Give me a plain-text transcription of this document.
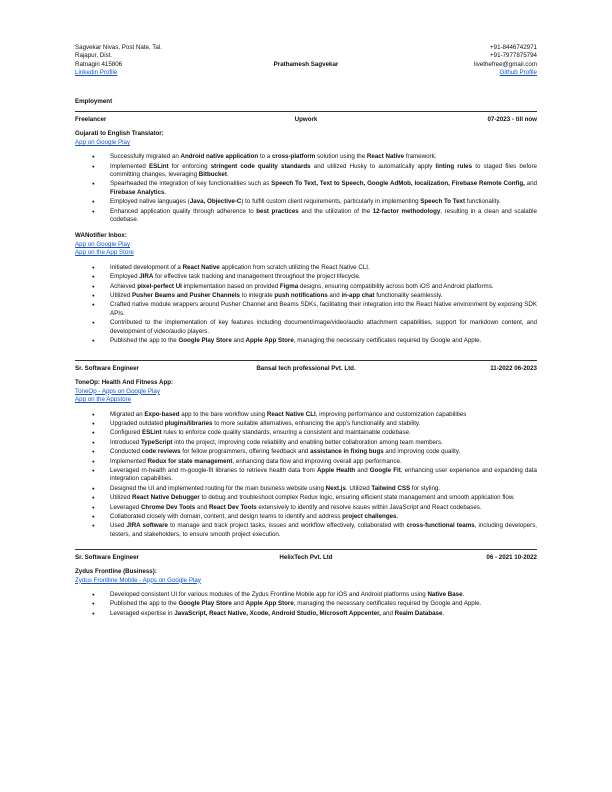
Sagvekar Nivas, Post Nate, Tal.
Rajapur, Dist.
Ratnagiri 415806
Linkedin Profile
Prathamesh Sagvekar
+91-8446742971
+91-7977875794
livethefree@gmail.com
Github Profile
Employment
Freelancer	Upwork	07-2023 - till now
Gujarati to English Translator:
App on Google Play
● Successfully migrated an Android native application to a cross-platform solution using the React Native framework.
● Implemented ESLint for enforcing stringent code quality standards and utilized Husky to automatically apply linting rules to staged files before committing changes, leveraging Bitbucket.
● Spearheaded the integration of key functionalities such as Speech To Text, Text to Speech, Google AdMob, localization, Firebase Remote Config, and Firebase Analytics.
● Employed native languages (Java, Objective-C) to fulfill custom client requirements, particularly in implementing Speech To Text functionality.
● Enhanced application quality through adherence to best practices and the utilization of the 12-factor methodology, resulting in a clean and scalable codebase.
WANotifier Inbox:
App on Google Play
App on the App Store
● Initiated development of a React Native application from scratch utilizing the React Native CLI.
● Employed JIRA for effective task tracking and management throughout the project lifecycle.
● Achieved pixel-perfect UI implementation based on provided Figma designs, ensuring compatibility across both iOS and Android platforms.
● Utilized Pusher Beams and Pusher Channels to integrate push notifications and in-app chat functionality seamlessly.
● Crafted native module wrappers around Pusher Channel and Beams SDKs, facilitating their integration into the React Native environment by exposing SDK APIs.
● Contributed to the implementation of key features including document/image/video/audio attachment capabilities, support for markdown content, and development of video/audio players.
● Published the app to the Google Play Store and Apple App Store, managing the necessary certificates required by Google and Apple.
Sr. Software Engineer	Bansal tech professional Pvt. Ltd.	11-2022 06-2023
ToneOp: Health And Fitness App:
ToneOp - Apps on Google Play
App on the Appstore
● Migrated an Expo-based app to the bare workflow using React Native CLI, improving performance and customization capabilities
● Upgraded outdated plugins/libraries to more suitable alternatives, enhancing the app's functionality and stability.
● Configured ESLint rules to enforce code quality standards, ensuring a consistent and maintainable codebase.
● Introduced TypeScript into the project, improving code reliability and enabling better collaboration among team members.
● Conducted code reviews for fellow programmers, offering feedback and assistance in fixing bugs and improving code quality.
● Implemented Redux for state management, enhancing data flow and improving overall app performance.
● Leveraged rn-health and rn-google-fit libraries to retrieve health data from Apple Health and Google Fit, enhancing user experience and expanding data integration capabilities.
● Designed the UI and implemented routing for the main business website using Next.js. Utilized Tailwind CSS for styling.
● Utilized React Native Debugger to debug and troubleshoot complex Redux logic, ensuring efficient state management and smooth application flow.
● Leveraged Chrome Dev Tools and React Dev Tools extensively to identify and resolve issues within JavaScript and React codebases.
● Collaborated closely with domain, content, and design teams to identify and address project challenges.
● Used JIRA software to manage and track project tasks, issues and workflow effectively, collaborated with cross-functional teams, including developers, testers, and stakeholders, to ensure smooth project execution.
Sr. Software Engineer	HelixTech Pvt. Ltd	06 - 2021 10-2022
Zydus Frontline (Business):
Zydus Frontline Mobile - Apps on Google Play
● Developed consistent UI for various modules of the Zydus Frontline Mobile app for iOS and Android platforms using Native Base.
● Published the app to the Google Play Store and Apple App Store, managing the necessary certificates required by Google and Apple.
● Leveraged expertise in JavaScript, React Native, Xcode, Android Studio, Microsoft Appcenter, and Realm Database.
